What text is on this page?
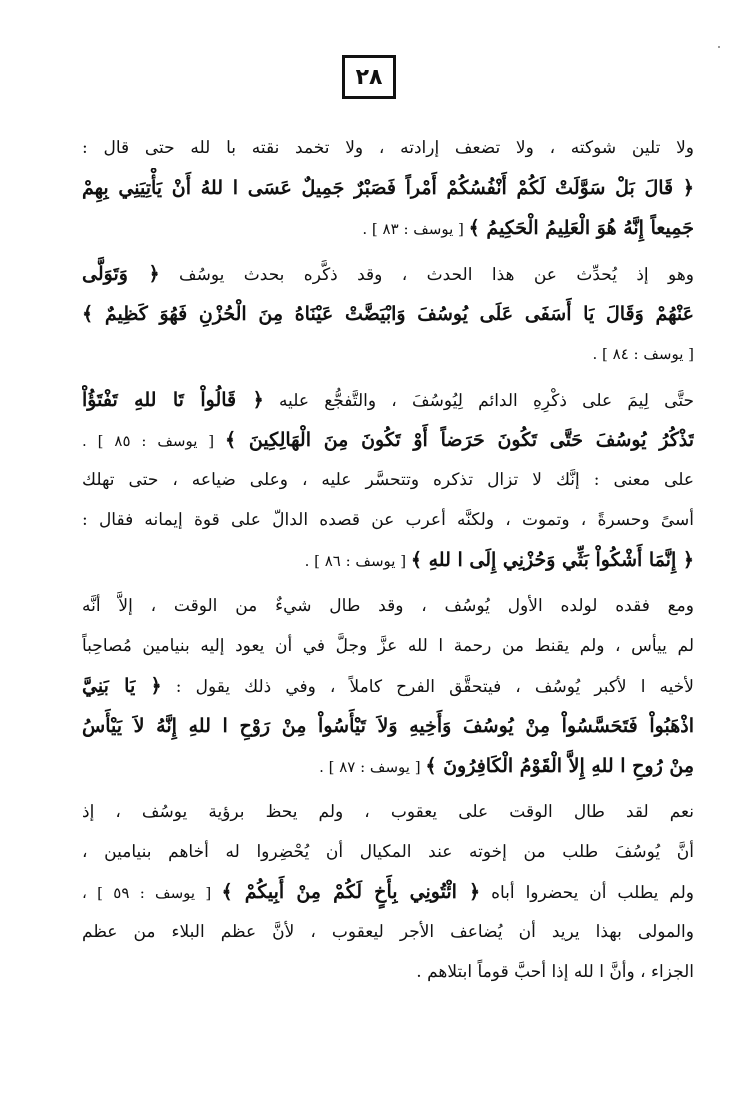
٢٨

ولا تلين شوكته ، ولا تضعف إرادته ، ولا تخمد نقته با لله حتى قال :
﴿ قَالَ بَلْ سَوَّلَتْ لَكُمْ أَنْفُسُكُمْ أَمْراً فَصَبْرٌ جَمِيلٌ عَسَى ا للهُ أَنْ يَأْتِيَنِي بِهِمْ
جَمِيعاً إِنَّهُ هُوَ الْعَلِيمُ الْحَكِيمُ ﴾ [ يوسف : ٨٣ ] .

وهو إذ يُحدِّث عن هذا الحدث ، وقد ذكَّره بحدث يوسُف ﴿ وَتَوَلَّى
عَنْهُمْ وَقَالَ يَا أَسَفَى عَلَى يُوسُفَ وَابْيَضَّتْ عَيْنَاهُ مِنَ الْحُزْنِ فَهُوَ كَظِيمٌ ﴾
[ يوسف : ٨٤ ] .

حتَّى لِيمَ على ذكْرِهِ الدائم لِيُوسُفَ ، والتَّفجُّع عليه ﴿ قَالُواْ تَا للهِ تَفْتَؤُاْ
تَذْكُرُ يُوسُفَ حَتَّى تَكُونَ حَرَضاً أَوْ تَكُونَ مِنَ الْهَالِكِينَ ﴾ [ يوسف : ٨٥ ] .
على معنى : إنَّك لا تزال تذكره وتتحسَّر عليه ، وعلى ضياعه ، حتى تهلك
أسىً وحسرةً ، وتموت ، ولكنَّه أعرب عن قصده الدالّ على قوة إيمانه فقال :
﴿ إِنَّمَا أَشْكُواْ بَثِّي وَحُزْنِي إِلَى ا للهِ ﴾ [ يوسف : ٨٦ ] .

ومع فقده لولده الأول يُوسُف ، وقد طال شيءٌ من الوقت ، إلاَّ أنَّه
لم ييأس ، ولم يقنط من رحمة ا لله عزَّ وجلَّ في أن يعود إليه بنيامين مُصاحِباً
لأخيه ا لأكبر يُوسُف ، فيتحقَّق الفرح كاملاً ، وفي ذلك يقول : ﴿ يَا بَنِيَّ
اذْهَبُواْ فَتَحَسَّسُواْ مِنْ يُوسُفَ وَأَخِيهِ وَلاَ تَيْأَسُواْ مِنْ رَوْحِ ا للهِ إِنَّهُ لاَ يَيْأَسُ
مِنْ رُوحِ ا للهِ إِلاَّ الْقَوْمُ الْكَافِرُونَ ﴾ [ يوسف : ٨٧ ] .

نعم لقد طال الوقت على يعقوب ، ولم يحظ برؤية يوسُف ، إذ
أنَّ يُوسُفَ طلب من إخوته عند المكيال أن يُحْضِروا له أخاهم بنيامين ،
ولم يطلب أن يحضروا أباه ﴿ ائْتُونِي بِأَخٍ لَكُمْ مِنْ أَبِيكُمْ ﴾ [ يوسف : ٥٩ ] ،
والمولى بهذا يريد أن يُضاعف الأجر ليعقوب ، لأنَّ عظم البلاء من عظم
الجزاء ، وأنَّ ا لله إذا أحبَّ قوماً ابتلاهم .
